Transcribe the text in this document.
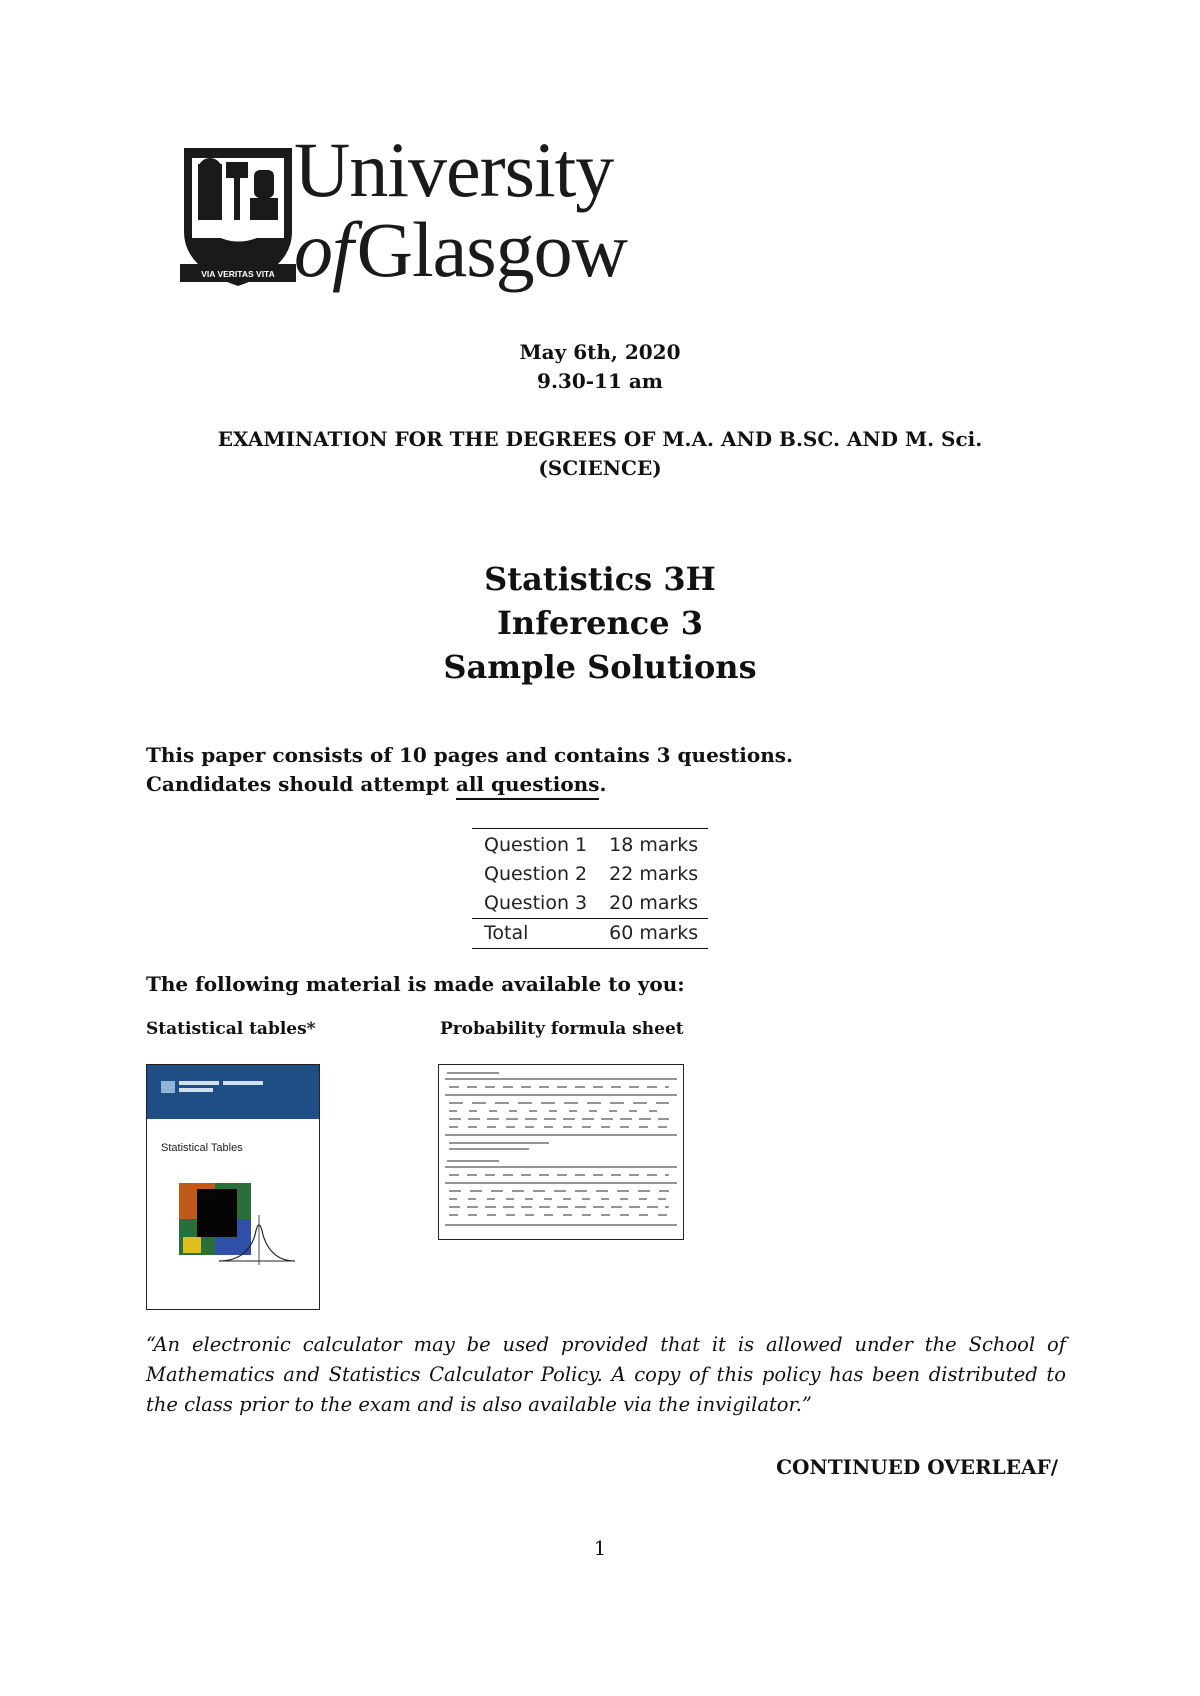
VIA VERITAS VITA
University
ofGlasgow
May 6th, 2020
9.30-11 am
EXAMINATION FOR THE DEGREES OF M.A. AND B.SC. AND M. Sci.
(SCIENCE)
Statistics 3H
Inference 3
Sample Solutions
This paper consists of 10 pages and contains 3 questions.
Candidates should attempt all questions.
Question 1	18 marks
Question 2	22 marks
Question 3	20 marks
Total	60 marks
The following material is made available to you:
Statistical tables*	Probability formula sheet
Statistical Tables
“An electronic calculator may be used provided that it is allowed under the School of Mathematics and Statistics Calculator Policy. A copy of this policy has been distributed to the class prior to the exam and is also available via the invigilator.”
CONTINUED OVERLEAF/
1
